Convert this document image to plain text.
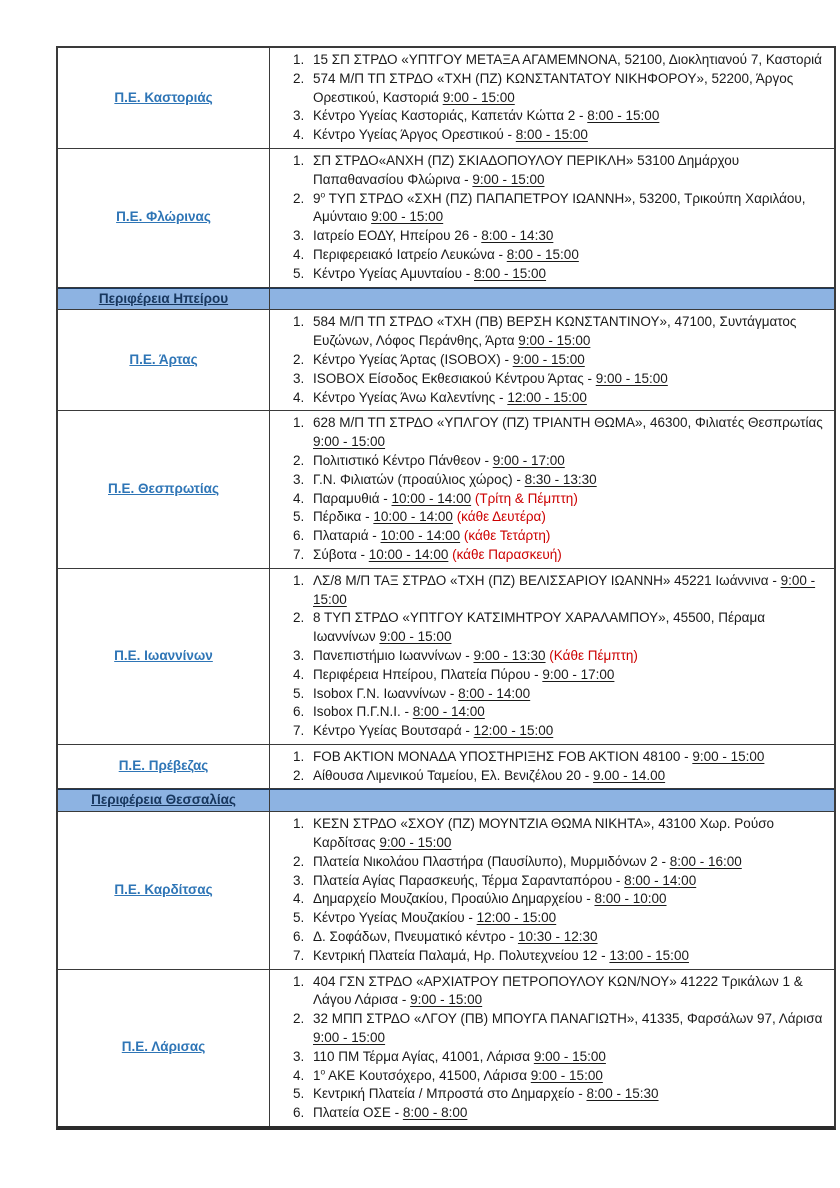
Π.Ε. Καστοριάς
1. 15 ΣΠ ΣΤΡΔΟ «ΥΠΤΓΟΥ ΜΕΤΑΞΑ ΑΓΑΜΕΜΝΟΝΑ, 52100, Διοκλητιανού 7, Καστοριά
2. 574 Μ/Π ΤΠ ΣΤΡΔΟ «ΤΧΗ (ΠΖ) ΚΩΝΣΤΑΝΤΑΤΟΥ ΝΙΚΗΦΟΡΟΥ», 52200, Άργος Ορεστικού, Καστοριά 9:00 - 15:00
3. Κέντρο Υγείας Καστοριάς, Καπετάν Κώττα 2 - 8:00 - 15:00
4. Κέντρο Υγείας Άργος Ορεστικού - 8:00 - 15:00
Π.Ε. Φλώρινας
1. ΣΠ ΣΤΡΔΟ«ΑΝΧΗ (ΠΖ) ΣΚΙΑΔΟΠΟΥΛΟΥ ΠΕΡΙΚΛΗ» 53100 Δημάρχου Παπαθανασίου Φλώρινα - 9:00 - 15:00
2. $9^o$ ΤΥΠ ΣΤΡΔΟ «ΣΧΗ (ΠΖ) ΠΑΠΑΠΕΤΡΟΥ ΙΩΑΝΝΗ», 53200, Τρικούπη Χαριλάου, Αμύνταιο 9:00 - 15:00
3. Ιατρείο ΕΟΔΥ, Ηπείρου 26 - 8:00 - 14:30
4. Περιφερειακό Ιατρείο Λευκώνα - 8:00 - 15:00
5. Κέντρο Υγείας Αμυνταίου - 8:00 - 15:00
Περιφέρεια Ηπείρου
Π.Ε. Άρτας
1. 584 Μ/Π ΤΠ ΣΤΡΔΟ «ΤΧΗ (ΠΒ) ΒΕΡΣΗ ΚΩΝΣΤΑΝΤΙΝΟΥ», 47100, Συντάγματος Ευζώνων, Λόφος Περάνθης, Άρτα 9:00 - 15:00
2. Κέντρο Υγείας Άρτας (ISOBOX) - 9:00 - 15:00
3. ISOBOX Είσοδος Εκθεσιακού Κέντρου Άρτας - 9:00 - 15:00
4. Κέντρο Υγείας Άνω Καλεντίνης - 12:00 - 15:00
Π.Ε. Θεσπρωτίας
1. 628 Μ/Π ΤΠ ΣΤΡΔΟ «ΥΠΛΓΟΥ (ΠΖ) ΤΡΙΑΝΤΗ ΘΩΜΑ», 46300, Φιλιατές Θεσπρωτίας 9:00 - 15:00
2. Πολιτιστικό Κέντρο Πάνθεον - 9:00 - 17:00
3. Γ.Ν. Φιλιατών (προαύλιος χώρος) - 8:30 - 13:30
4. Παραμυθιά - 10:00 - 14:00 (Τρίτη & Πέμπτη)
5. Πέρδικα - 10:00 - 14:00 (κάθε Δευτέρα)
6. Πλαταριά - 10:00 - 14:00 (κάθε Τετάρτη)
7. Σύβοτα - 10:00 - 14:00 (κάθε Παρασκευή)
Π.Ε. Ιωαννίνων
1. ΛΣ/8 Μ/Π ΤΑΞ ΣΤΡΔΟ «ΤΧΗ (ΠΖ) ΒΕΛΙΣΣΑΡΙΟΥ ΙΩΑΝΝΗ» 45221 Ιωάννινα - 9:00 - 15:00
2. 8 ΤΥΠ ΣΤΡΔΟ «ΥΠΤΓΟΥ ΚΑΤΣΙΜΗΤΡΟΥ ΧΑΡΑΛΑΜΠΟΥ», 45500, Πέραμα Ιωαννίνων 9:00 - 15:00
3. Πανεπιστήμιο Ιωαννίνων - 9:00 - 13:30 (Κάθε Πέμπτη)
4. Περιφέρεια Ηπείρου, Πλατεία Πύρου - 9:00 - 17:00
5. Isobox Γ.Ν. Ιωαννίνων - 8:00 - 14:00
6. Isobox Π.Γ.Ν.Ι. - 8:00 - 14:00
7. Κέντρο Υγείας Βουτσαρά - 12:00 - 15:00
Π.Ε. Πρέβεζας
1. FOB AKTION ΜΟΝΑΔΑ ΥΠΟΣΤΗΡΙΞΗΣ FOB AKTION 48100 - 9:00 - 15:00
2. Αίθουσα Λιμενικού Ταμείου, Ελ. Βενιζέλου 20 - 9.00 - 14.00
Περιφέρεια Θεσσαλίας
Π.Ε. Καρδίτσας
1. ΚΕΣΝ ΣΤΡΔΟ «ΣΧΟΥ (ΠΖ) ΜΟΥΝΤΖΙΑ ΘΩΜΑ ΝΙΚΗΤΑ», 43100 Χωρ. Ρούσο Καρδίτσας 9:00 - 15:00
2. Πλατεία Νικολάου Πλαστήρα (Παυσίλυπο), Μυρμιδόνων 2 - 8:00 - 16:00
3. Πλατεία Αγίας Παρασκευής, Τέρμα Σαρανταπόρου - 8:00 - 14:00
4. Δημαρχείο Μουζακίου, Προαύλιο Δημαρχείου - 8:00 - 10:00
5. Κέντρο Υγείας Μουζακίου - 12:00 - 15:00
6. Δ. Σοφάδων, Πνευματικό κέντρο - 10:30 - 12:30
7. Κεντρική Πλατεία Παλαμά, Ηρ. Πολυτεχνείου 12 - 13:00 - 15:00
Π.Ε. Λάρισας
1. 404 ΓΣΝ ΣΤΡΔΟ «ΑΡΧΙΑΤΡΟΥ ΠΕΤΡΟΠΟΥΛΟΥ ΚΩΝ/ΝΟΥ» 41222 Τρικάλων 1 & Λάγου Λάρισα - 9:00 - 15:00
2. 32 ΜΠΠ ΣΤΡΔΟ «ΛΓΟΥ (ΠΒ) ΜΠΟΥΓΑ ΠΑΝΑΓΙΩΤΗ», 41335, Φαρσάλων 97, Λάρισα 9:00 - 15:00
3. 110 ΠΜ Τέρμα Αγίας, 41001, Λάρισα 9:00 - 15:00
4. $1^o$ ΑΚΕ Κουτσόχερο, 41500, Λάρισα 9:00 - 15:00
5. Κεντρική Πλατεία / Μπροστά στο Δημαρχείο - 8:00 - 15:30
6. Πλατεία ΟΣΕ - 8:00 - 8:00
